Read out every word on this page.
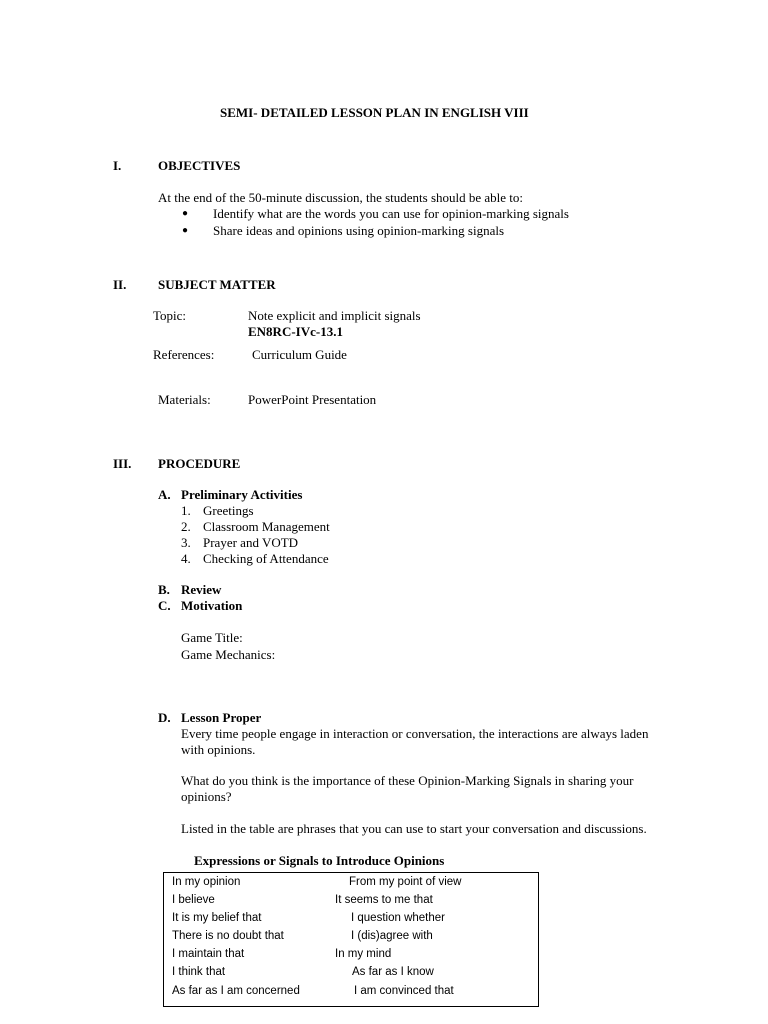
SEMI- DETAILED LESSON PLAN IN ENGLISH VIII
I.	OBJECTIVES
At the end of the 50-minute discussion, the students should be able to:
● Identify what are the words you can use for opinion-marking signals
● Share ideas and opinions using opinion-marking signals
II. SUBJECT MATTER
Topic:	Note explicit and implicit signals
EN8RC-IVc-13.1
References:	Curriculum Guide
Materials:	PowerPoint Presentation
III. PROCEDURE
A. Preliminary Activities
1. Greetings
2. Classroom Management
3. Prayer and VOTD
4. Checking of Attendance
B. Review
C. Motivation
Game Title:
Game Mechanics:
D. Lesson Proper
Every time people engage in interaction or conversation, the interactions are always laden
with opinions.
What do you think is the importance of these Opinion-Marking Signals in sharing your
opinions?
Listed in the table are phrases that you can use to start your conversation and discussions.
Expressions or Signals to Introduce Opinions
In my opinion	From my point of view
I believe	It seems to me that
It is my belief that	I question whether
There is no doubt that	I (dis)agree with
I maintain that	In my mind
I think that	As far as I know
As far as I am concerned	I am convinced that
